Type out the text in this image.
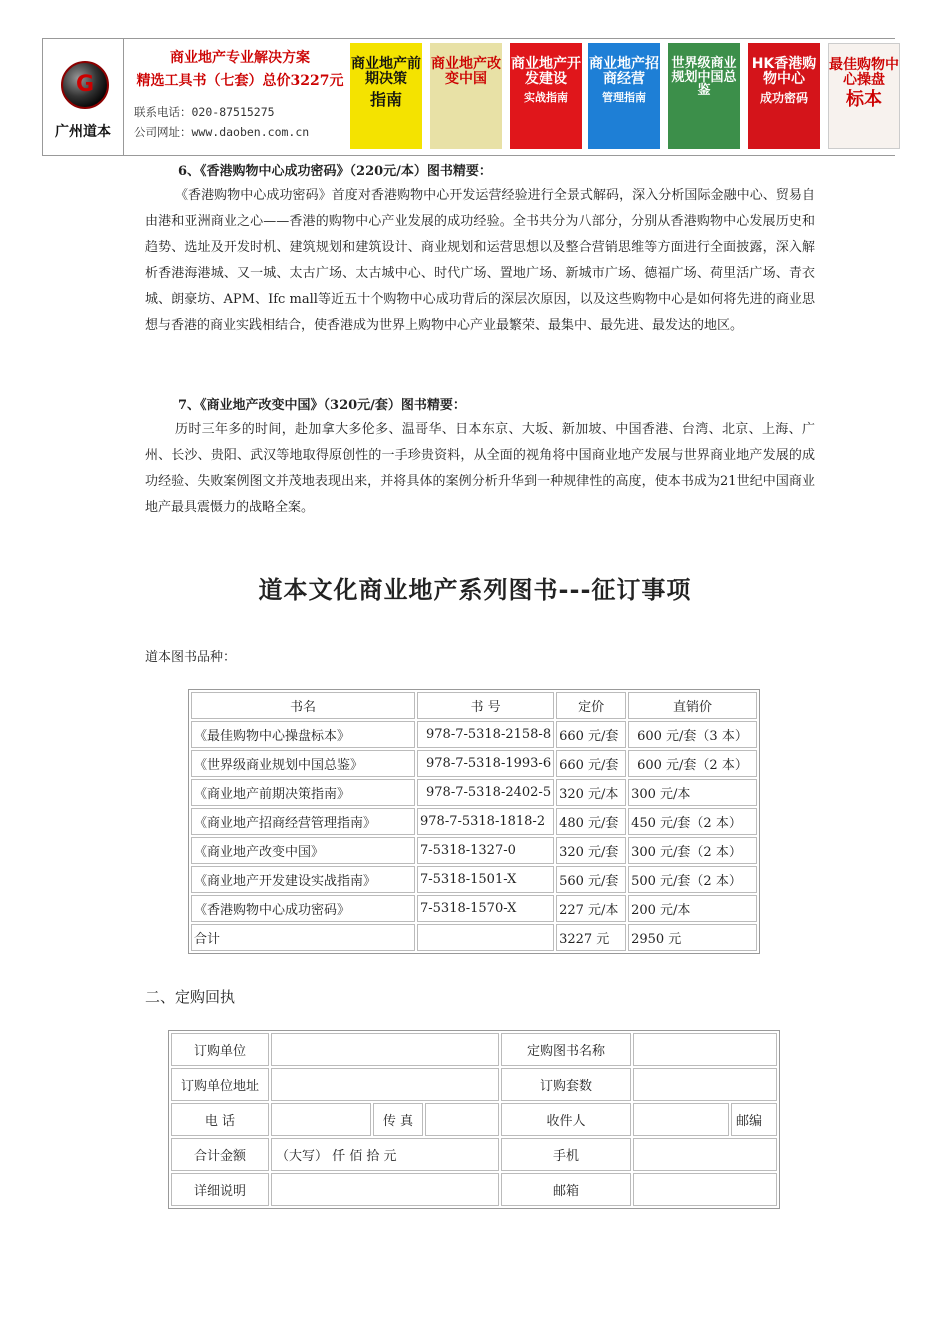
G
广州道本
商业地产专业解决方案
精选工具书（七套）总价3227元
联系电话：020-87515275
公司网址：www.daoben.com.cn
商业地产前期决策
指南
商业地产改变中国
商业地产开发建设
实战指南
商业地产招商经营
管理指南
世界级商业规划中国总鉴
HK香港购物中心
成功密码
最佳购物中心操盘
标本
6、《香港购物中心成功密码》（220元/本）图书精要：
《香港购物中心成功密码》首度对香港购物中心开发运营经验进行全景式解码，深入分析国际金融中心、贸易自由港和亚洲商业之心——香港的购物中心产业发展的成功经验。全书共分为八部分，分别从香港购物中心发展历史和趋势、选址及开发时机、建筑规划和建筑设计、商业规划和运营思想以及整合营销思维等方面进行全面披露，深入解析香港海港城、又一城、太古广场、太古城中心、时代广场、置地广场、新城市广场、德福广场、荷里活广场、青衣城、朗豪坊、APM、Ifc mall等近五十个购物中心成功背后的深层次原因，以及这些购物中心是如何将先进的商业思想与香港的商业实践相结合，使香港成为世界上购物中心产业最繁荣、最集中、最先进、最发达的地区。
7、《商业地产改变中国》（320元/套）图书精要：
历时三年多的时间，赴加拿大多伦多、温哥华、日本东京、大坂、新加坡、中国香港、台湾、北京、上海、广州、长沙、贵阳、武汉等地取得原创性的一手珍贵资料，从全面的视角将中国商业地产发展与世界商业地产发展的成功经验、失败案例图文并茂地表现出来，并将具体的案例分析升华到一种规律性的高度，使本书成为21世纪中国商业地产最具震慑力的战略全案。
道本文化商业地产系列图书---征订事项
道本图书品种：
书名	书 号	定价	直销价
《最佳购物中心操盘标本》	978-7-5318-2158-8	660 元/套	600 元/套（3 本）
《世界级商业规划中国总鉴》	978-7-5318-1993-6	660 元/套	600 元/套（2 本）
《商业地产前期决策指南》	978-7-5318-2402-5	320 元/本	300 元/本
《商业地产招商经营管理指南》	978-7-5318-1818-2	480 元/套	450 元/套（2 本）
《商业地产改变中国》	7-5318-1327-0	320 元/套	300 元/套（2 本）
《商业地产开发建设实战指南》	7-5318-1501-X	560 元/套	500 元/套（2 本）
《香港购物中心成功密码》	7-5318-1570-X	227 元/本	200 元/本
合计		3227 元	2950 元
二、定购回执
订购单位				定购图书名称		
订购单位地址				订购套数		
电 话		传 真		收件人		邮编
合计金额	（大写） 仟 佰 拾 元			手机		
详细说明				邮箱		
